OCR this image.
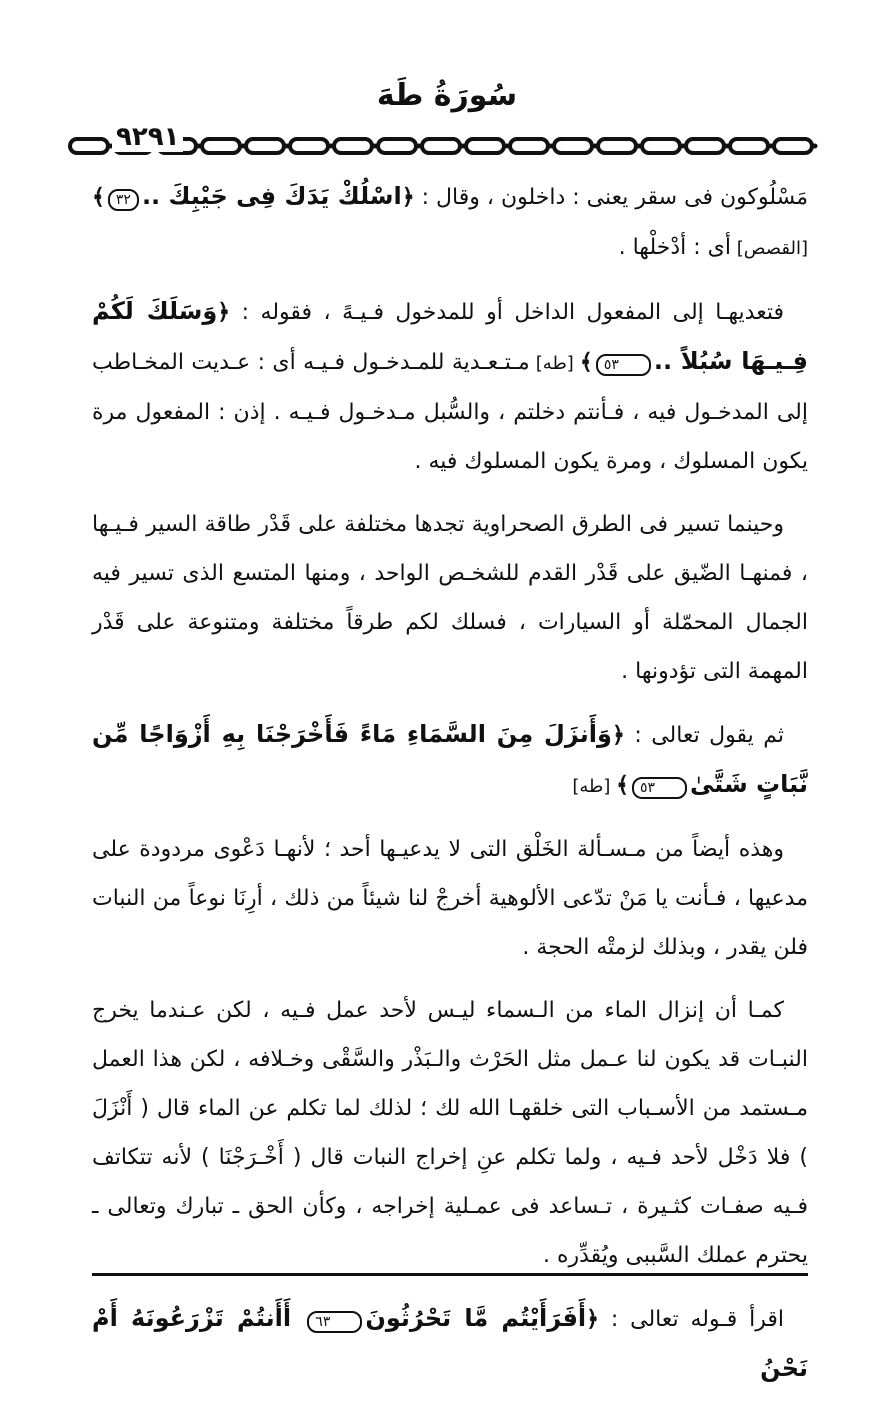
سُورَةُ طَهَ
٩٢٩١

مَسْلُوكون فى سقر يعنى : داخلون ، وقال : ﴿اسْلُكْ يَدَكَ فِى جَيْبِكَ ..٣٢﴾ [القصص] أى : أدْخلْها .

فتعديهـا إلى المفعول الداخل أو للمدخول فـيـهً ، فقوله : ﴿وَسَلَكَ لَكُمْ فِـيـهَا سُبُلاً ..٥٣﴾ [طه] مـتـعـدية للمـدخـول فـيـه أى : عـديت المخـاطب إلى المدخـول فيه ، فـأنتم دخلتم ، والسُّبل مـدخـول فـيـه . إذن : المفعول مرة يكون المسلوك ، ومرة يكون المسلوك فيه .

وحينما تسير فى الطرق الصحراوية تجدها مختلفة على قَدْر طاقة السير فـيـها ، فمنهـا الضّيق على قَدْر القدم للشخـص الواحد ، ومنها المتسع الذى تسير فيه الجمال المحمّلة أو السيارات ، فسلك لكم طرقاً مختلفة ومتنوعة على قَدْر المهمة التى تؤدونها .

ثم يقول تعالى : ﴿وَأَنزَلَ مِنَ السَّمَاءِ مَاءً فَأَخْرَجْنَا بِهِ أَزْوَاجًا مِّن نَّبَاتٍ شَتَّىٰ٥٣﴾ [طه]

وهذه أيضاً من مـسـألة الخَلْق التى لا يدعيـها أحد ؛ لأنهـا دَعْوى مردودة على مدعيها ، فـأنت يا مَنْ تدّعى الألوهية أخرجْ لنا شيئاً من ذلك ، أرِنَا نوعاً من النبات فلن يقدر ، وبذلك لزمتْه الحجة .

كمـا أن إنزال الماء من الـسماء ليـس لأحد عمل فـيه ، لكن عـندما يخرج النبـات قد يكون لنا عـمل مثل الحَرْث والـبَذْر والسَّقْى وخـلافه ، لكن هذا العمل مـستمد من الأسـباب التى خلقهـا الله لك ؛ لذلك لما تكلم عن الماء قال ( أَنْزَلَ ) فلا دَخْل لأحد فـيه ، ولما تكلم عنِ إخراج النبات قال ( أَخْـرَجْنَا ) لأنه تتكاتف فـيه صفـات كثـيرة ، تـساعد فى عمـلية إخراجه ، وكأن الحق ـ تبارك وتعالى ـ يحترم عملك السَّببى ويُقدِّره .

اقرأ قـوله تعالى : ﴿أَفَرَأَيْتُم مَّا تَحْرُثُونَ٦٣ أَأَنتُمْ تَزْرَعُونَهُ أَمْ نَحْنُ
